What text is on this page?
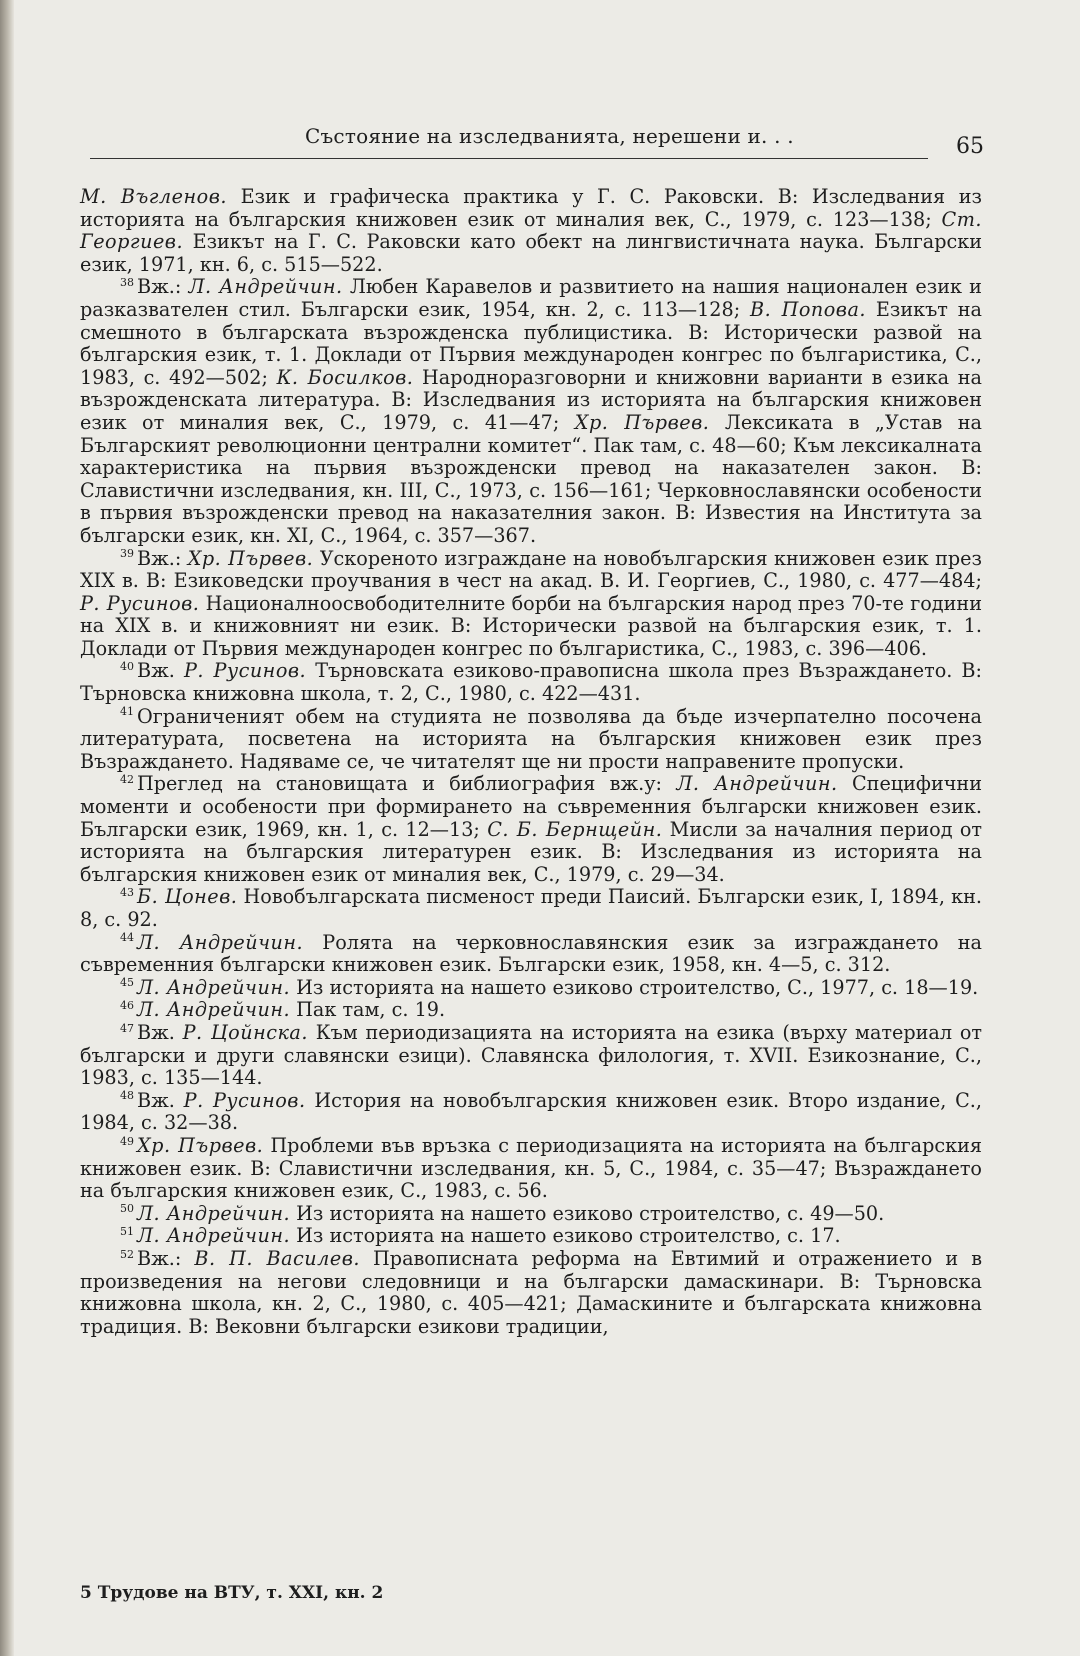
Състояние на изследванията, нерешени и. . .	65

М. Въгленов. Език и графическа практика у Г. С. Раковски. В: Изследвания из историята на българския книжовен език от миналия век, С., 1979, с. 123—138; Ст. Георгиев. Езикът на Г. С. Раковски като обект на лингвистичната наука. Български език, 1971, кн. 6, с. 515—522.

$^{38}$ Вж.: Л. Андрейчин. Любен Каравелов и развитието на нашия национален език и разказвателен стил. Български език, 1954, кн. 2, с. 113—128; В. Попова. Езикът на смешното в българската възрожденска публицистика. В: Исторически развой на българския език, т. 1. Доклади от Първия международен конгрес по българистика, С., 1983, с. 492—502; К. Босилков. Народноразговорни и книжовни варианти в езика на възрожденската литература. В: Изследвания из историята на българския книжовен език от миналия век, С., 1979, с. 41—47; Хр. Първев. Лексиката в „Устав на Българският революционни централни комитет“. Пак там, с. 48—60; Към лексикалната характеристика на първия възрожденски превод на наказателен закон. В: Славистични изследвания, кн. III, С., 1973, с. 156—161; Черковнославянски особености в първия възрожденски превод на наказателния закон. В: Известия на Института за български език, кн. XI, С., 1964, с. 357—367.

$^{39}$ Вж.: Хр. Първев. Ускореното изграждане на новобългарския книжовен език през XIX в. В: Езиковедски проучвания в чест на акад. В. И. Георгиев, С., 1980, с. 477—484; Р. Русинов. Националноосвободителните борби на българския народ през 70-те години на XIX в. и книжовният ни език. В: Исторически развой на българския език, т. 1. Доклади от Първия международен конгрес по българистика, С., 1983, с. 396—406.

$^{40}$ Вж. Р. Русинов. Търновската езиково-правописна школа през Възраждането. В: Търновска книжовна школа, т. 2, С., 1980, с. 422—431.

$^{41}$ Ограниченият обем на студията не позволява да бъде изчерпателно посочена литературата, посветена на историята на българския книжовен език през Възраждането. Надяваме се, че читателят ще ни прости направените пропуски.

$^{42}$ Преглед на становищата и библиография вж.у: Л. Андрейчин. Специфични моменти и особености при формирането на съвременния български книжовен език. Български език, 1969, кн. 1, с. 12—13; С. Б. Бернщейн. Мисли за началния период от историята на българския литературен език. В: Изследвания из историята на българския книжовен език от миналия век, С., 1979, с. 29—34.

$^{43}$ Б. Цонев. Новобългарската писменост преди Паисий. Български език, I, 1894, кн. 8, с. 92.

$^{44}$ Л. Андрейчин. Ролята на черковнославянския език за изграждането на съвременния български книжовен език. Български език, 1958, кн. 4—5, с. 312.

$^{45}$ Л. Андрейчин. Из историята на нашето езиково строителство, С., 1977, с. 18—19.

$^{46}$ Л. Андрейчин. Пак там, с. 19.

$^{47}$ Вж. Р. Цойнска. Към периодизацията на историята на езика (върху материал от български и други славянски езици). Славянска филология, т. XVII. Езикознание, С., 1983, с. 135—144.

$^{48}$ Вж. Р. Русинов. История на новобългарския книжовен език. Второ издание, С., 1984, с. 32—38.

$^{49}$ Хр. Първев. Проблеми във връзка с периодизацията на историята на българския книжовен език. В: Славистични изследвания, кн. 5, С., 1984, с. 35—47; Възраждането на българския книжовен език, С., 1983, с. 56.

$^{50}$ Л. Андрейчин. Из историята на нашето езиково строителство, с. 49—50.

$^{51}$ Л. Андрейчин. Из историята на нашето езиково строителство, с. 17.

$^{52}$ Вж.: В. П. Василев. Правописната реформа на Евтимий и отражението и в произведения на негови следовници и на български дамаскинари. В: Търновска книжовна школа, кн. 2, С., 1980, с. 405—421; Дамаскините и българската книжовна традиция. В: Вековни български езикови традиции,

5 Трудове на ВТУ, т. XXI, кн. 2
